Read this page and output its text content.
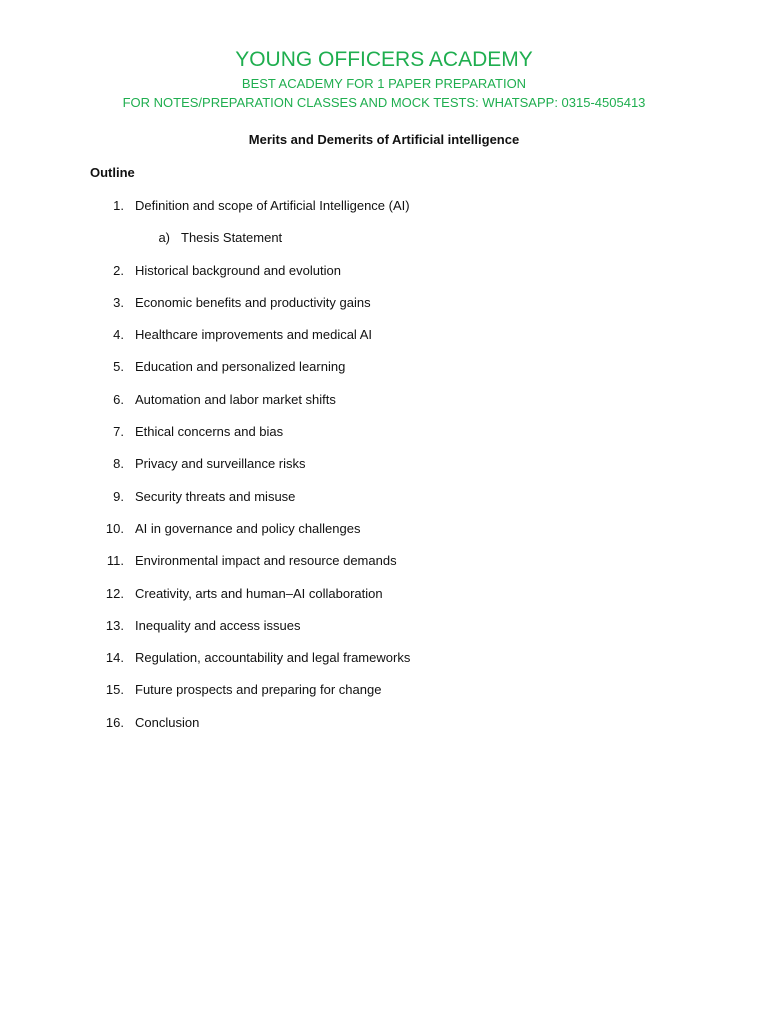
YOUNG OFFICERS ACADEMY

BEST ACADEMY FOR 1 PAPER PREPARATION

FOR NOTES/PREPARATION CLASSES AND MOCK TESTS: WHATSAPP: 0315-4505413

Merits and Demerits of Artificial intelligence

Outline

1. Definition and scope of Artificial Intelligence (AI)
a) Thesis Statement
2. Historical background and evolution
3. Economic benefits and productivity gains
4. Healthcare improvements and medical AI
5. Education and personalized learning
6. Automation and labor market shifts
7. Ethical concerns and bias
8. Privacy and surveillance risks
9. Security threats and misuse
10. AI in governance and policy challenges
11. Environmental impact and resource demands
12. Creativity, arts and human–AI collaboration
13. Inequality and access issues
14. Regulation, accountability and legal frameworks
15. Future prospects and preparing for change
16. Conclusion
